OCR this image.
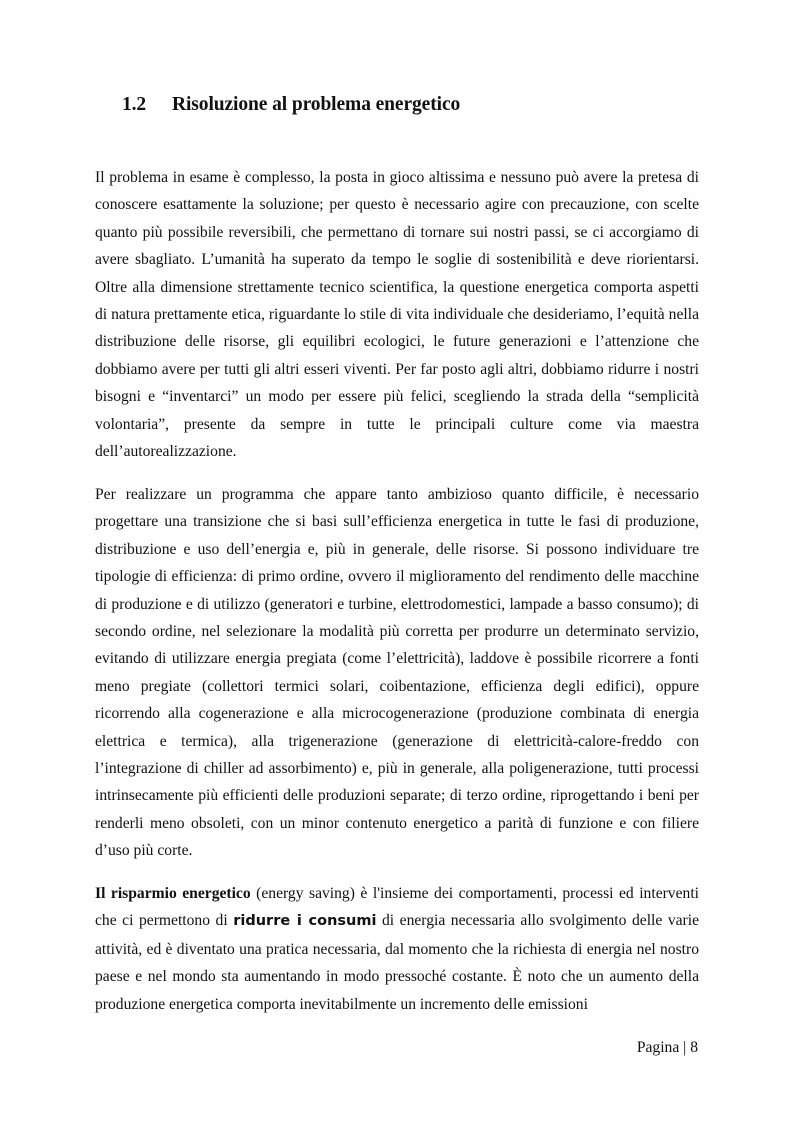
1.2 Risoluzione al problema energetico

Il problema in esame è complesso, la posta in gioco altissima e nessuno può avere la pretesa di conoscere esattamente la soluzione; per questo è necessario agire con precauzione, con scelte quanto più possibile reversibili, che permettano di tornare sui nostri passi, se ci accorgiamo di avere sbagliato. L’umanità ha superato da tempo le soglie di sostenibilità e deve riorientarsi. Oltre alla dimensione strettamente tecnico scientifica, la questione energetica comporta aspetti di natura prettamente etica, riguardante lo stile di vita individuale che desideriamo, l’equità nella distribuzione delle risorse, gli equilibri ecologici, le future generazioni e l’attenzione che dobbiamo avere per tutti gli altri esseri viventi. Per far posto agli altri, dobbiamo ridurre i nostri bisogni e “inventarci” un modo per essere più felici, scegliendo la strada della “semplicità volontaria”, presente da sempre in tutte le principali culture come via maestra dell’autorealizzazione.

Per realizzare un programma che appare tanto ambizioso quanto difficile, è necessario progettare una transizione che si basi sull’efficienza energetica in tutte le fasi di produzione, distribuzione e uso dell’energia e, più in generale, delle risorse. Si possono individuare tre tipologie di efficienza: di primo ordine, ovvero il miglioramento del rendimento delle macchine di produzione e di utilizzo (generatori e turbine, elettrodomestici, lampade a basso consumo); di secondo ordine, nel selezionare la modalità più corretta per produrre un determinato servizio, evitando di utilizzare energia pregiata (come l’elettricità), laddove è possibile ricorrere a fonti meno pregiate (collettori termici solari, coibentazione, efficienza degli edifici), oppure ricorrendo alla cogenerazione e alla microcogenerazione (produzione combinata di energia elettrica e termica), alla trigenerazione (generazione di elettricità-calore-freddo con l’integrazione di chiller ad assorbimento) e, più in generale, alla poligenerazione, tutti processi intrinsecamente più efficienti delle produzioni separate; di terzo ordine, riprogettando i beni per renderli meno obsoleti, con un minor contenuto energetico a parità di funzione e con filiere d’uso più corte.

Il risparmio energetico (energy saving) è l'insieme dei comportamenti, processi ed interventi che ci permettono di ridurre i consumi di energia necessaria allo svolgimento delle varie attività, ed è diventato una pratica necessaria, dal momento che la richiesta di energia nel nostro paese e nel mondo sta aumentando in modo pressoché costante. È noto che un aumento della produzione energetica comporta inevitabilmente un incremento delle emissioni

Pagina | 8
